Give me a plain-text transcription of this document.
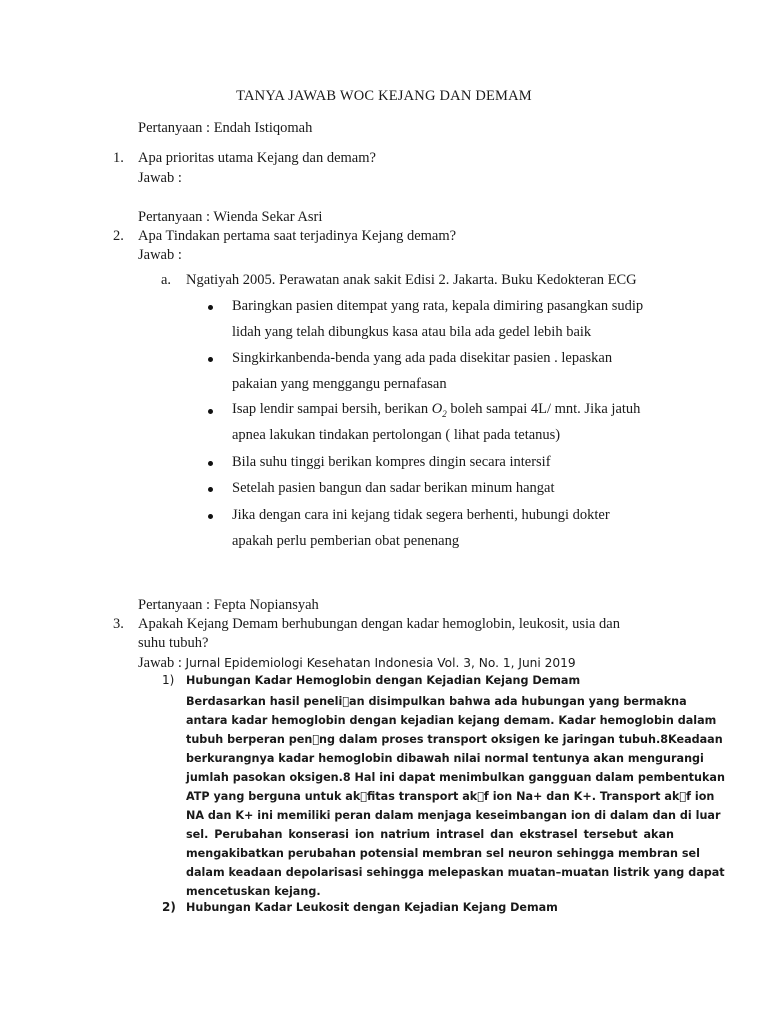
TANYA JAWAB WOC KEJANG DAN DEMAM
Pertanyaan : Endah Istiqomah
1. Apa prioritas utama Kejang dan demam?
Jawab :
Pertanyaan : Wienda Sekar Asri
2. Apa Tindakan pertama saat terjadinya Kejang demam?
Jawab :
a. Ngatiyah 2005. Perawatan anak sakit Edisi 2. Jakarta. Buku Kedokteran ECG
Baringkan pasien ditempat yang rata, kepala dimiring pasangkan sudip
lidah yang telah dibungkus kasa atau bila ada gedel lebih baik
Singkirkanbenda-benda yang ada pada disekitar pasien . lepaskan
pakaian yang menggangu pernafasan
Isap lendir sampai bersih, berikan $O_2$ boleh sampai 4L/ mnt. Jika jatuh
apnea lakukan tindakan pertolongan ( lihat pada tetanus)
Bila suhu tinggi berikan kompres dingin secara intersif
Setelah pasien bangun dan sadar berikan minum hangat
Jika dengan cara ini kejang tidak segera berhenti, hubungi dokter
apakah perlu pemberian obat penenang
Pertanyaan : Fepta Nopiansyah
3. Apakah Kejang Demam berhubungan dengan kadar hemoglobin, leukosit, usia dan
suhu tubuh?
Jawab : Jurnal Epidemiologi Kesehatan Indonesia Vol. 3, No. 1, Juni 2019
1) Hubungan Kadar Hemoglobin dengan Kejadian Kejang Demam
Berdasarkan hasil peneli an disimpulkan bahwa ada hubungan yang bermakna
antara kadar hemoglobin dengan kejadian kejang demam. Kadar hemoglobin dalam
tubuh berperan pen ng dalam proses transport oksigen ke jaringan tubuh.8Keadaan
berkurangnya kadar hemoglobin dibawah nilai normal tentunya akan mengurangi
jumlah pasokan oksigen.8 Hal ini dapat menimbulkan gangguan dalam pembentukan
ATP yang berguna untuk ak fitas transport ak f ion Na+ dan K+. Transport ak f ion
NA dan K+ ini memiliki peran dalam menjaga keseimbangan ion di dalam dan di luar
sel. Perubahan konserasi ion natrium intrasel dan ekstrasel tersebut akan
mengakibatkan perubahan potensial membran sel neuron sehingga membran sel
dalam keadaan depolarisasi sehingga melepaskan muatan–muatan listrik yang dapat
mencetuskan kejang.
2) Hubungan Kadar Leukosit dengan Kejadian Kejang Demam
